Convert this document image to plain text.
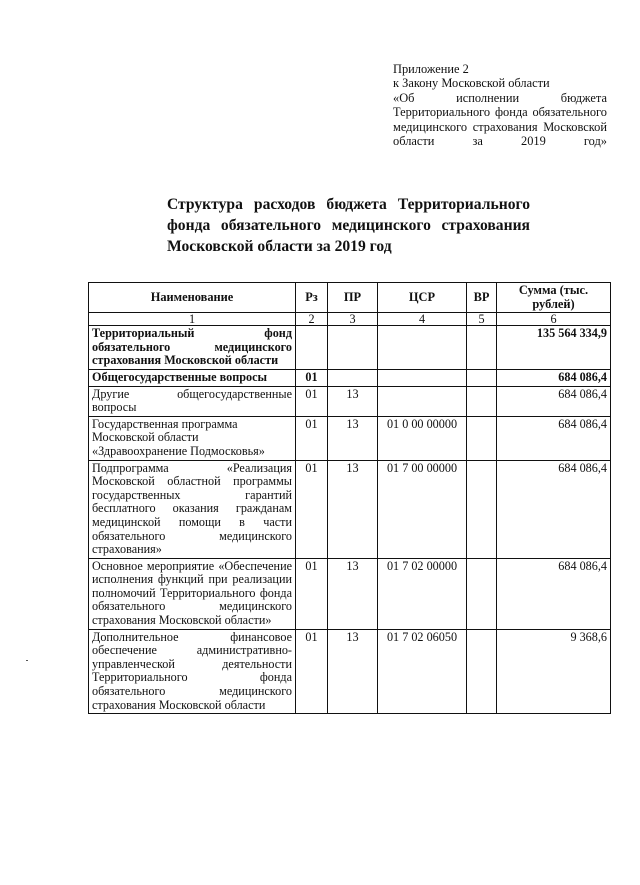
Приложение 2
к Закону Московской области
«Об исполнении бюджета Территориального фонда обязательного медицинского страхования Московской области за 2019 год»
Структура расходов бюджета Территориального
фонда обязательного медицинского страхования
Московской области за 2019 год
Наименование	Рз	ПР	ЦСР	ВР	Сумма (тыс. рублей)
1	2	3	4	5	6
Территориальный фонд обязательного медицинского страхования Московской области					135 564 334,9
Общегосударственные вопросы	01				684 086,4
Другие общегосударственные вопросы	01	13			684 086,4
Государственная программа Московской области «Здравоохранение Подмосковья»	01	13	01 0 00 00000		684 086,4
Подпрограмма «Реализация Московской областной программы государственных гарантий бесплатного оказания гражданам медицинской помощи в части обязательного медицинского страхования»	01	13	01 7 00 00000		684 086,4
Основное мероприятие «Обеспечение исполнения функций при реализации полномочий Территориального фонда обязательного медицинского страхования Московской области»	01	13	01 7 02 00000		684 086,4
Дополнительное финансовое обеспечение административно-управленческой деятельности Территориального фонда обязательного медицинского страхования Московской области	01	13	01 7 02 06050		9 368,6
